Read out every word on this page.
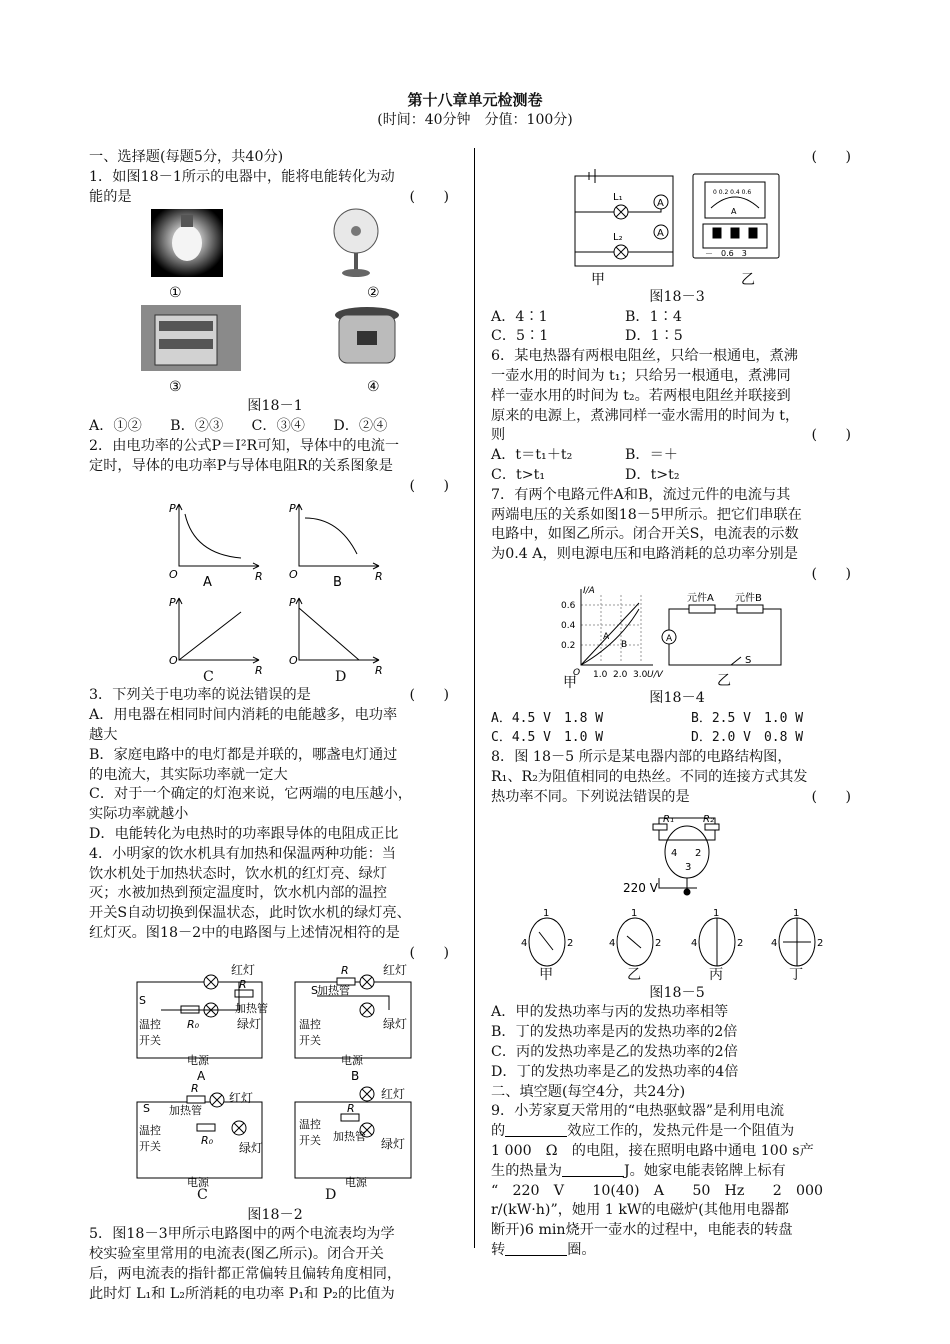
第十八章单元检测卷
(时间：40分钟　分值：100分)
一、选择题(每题5分，共40分)
1．如图18－1所示的电器中，能将电能转化为动
能的是	(　　)
①	②
③	④
图18－1
A．①②　　B．②③　　C．③④　　D．②④
2．由电功率的公式P＝I²R可知，导体中的电流一
定时，导体的电功率P与导体电阻R的关系图象是
(　　)

P
R
O
P
R
O
P
R
O
P
R
O
A	B
C	D
3．下列关于电功率的说法错误的是	(　　)
A．用电器在相同时间内消耗的电能越多，电功率
越大
B．家庭电路中的电灯都是并联的，哪盏电灯通过
的电流大，其实际功率就一定大
C．对于一个确定的灯泡来说，它两端的电压越小，
实际功率就越小
D．电能转化为电热时的功率跟导体的电阻成正比
4．小明家的饮水机具有加热和保温两种功能：当
饮水机处于加热状态时，饮水机的红灯亮、绿灯
灭；水被加热到预定温度时，饮水机内部的温控
开关S自动切换到保温状态，此时饮水机的绿灯亮、
红灯灭。图18－2中的电路图与上述情况相符的是
(　　)

红灯
绿灯
加热管
S
温控
开关
R₀
R
电源
A
红灯
绿灯
加热管
S
温控
开关
R
电源
B
红灯
绿灯
加热管
S
温控
开关
R
R₀
电源
红灯
绿灯
加热管
温控
开关
R
电源
C	D
图18－2
5．图18－3甲所示电路图中的两个电流表均为学
校实验室里常用的电流表(图乙所示)。闭合开关
后，两电流表的指针都正常偏转且偏转角度相同，
此时灯 L₁和 L₂所消耗的电功率 P₁和 P₂的比值为
(　　)

A
A
L₁
L₂
A
0 0.2 0.4 0.6
－　0.6　3
甲	乙
图18－3
A．4∶1	B．1∶4
C．5∶1	D．1∶5
6．某电热器有两根电阻丝，只给一根通电，煮沸
一壶水用的时间为 t₁；只给另一根通电，煮沸同
样一壶水用的时间为 t₂。若两根电阻丝并联接到
原来的电源上，煮沸同样一壶水需用的时间为 t，
则	(　　)
A．t＝t₁＋t₂	B．＝＋
C．t>t₁	D．t>t₂
7．有两个电路元件A和B，流过元件的电流与其
两端电压的关系如图18－5甲所示。把它们串联在
电路中，如图乙所示。闭合开关S，电流表的示数
为0.4 A，则电源电压和电路消耗的总功率分别是
(　　)

I/A
U/V
O
0.6
0.4
0.2
1.0 2.0 3.0
A
B
元件A 元件B
A
S
甲	乙
图18－4
A．4.5 V　1.8 W	B．2.5 V　1.0 W
C．4.5 V　1.0 W	D．2.0 V　0.8 W
8．图 18－5 所示是某电器内部的电路结构图，
R₁、R₂为阻值相同的电热丝。不同的连接方式其发
热功率不同。下列说法错误的是	(　　)
R₁	R₂
220 V
4 2
3
1
4	2
1
4	2
1
4	2
1
4	2
甲	乙	丙	丁
图18－5
A．甲的发热功率与丙的发热功率相等
B．丁的发热功率是丙的发热功率的2倍
C．丙的发热功率是乙的发热功率的2倍
D．丁的发热功率是乙的发热功率的4倍
二、填空题(每空4分，共24分)
9．小芳家夏天常用的“电热驱蚊器”是利用电流
的	效应工作的，发热元件是一个阻值为
1 000　Ω　的电阻，接在照明电路中通电 100 s产
生的热量为	J。她家电能表铭牌上标有
“　220　V　　10(40)　A　　50　Hz　　2　000
r/(kW·h)”，她用 1 kW的电磁炉(其他用电器都
断开)6 min烧开一壶水的过程中，电能表的转盘
转	圈。
